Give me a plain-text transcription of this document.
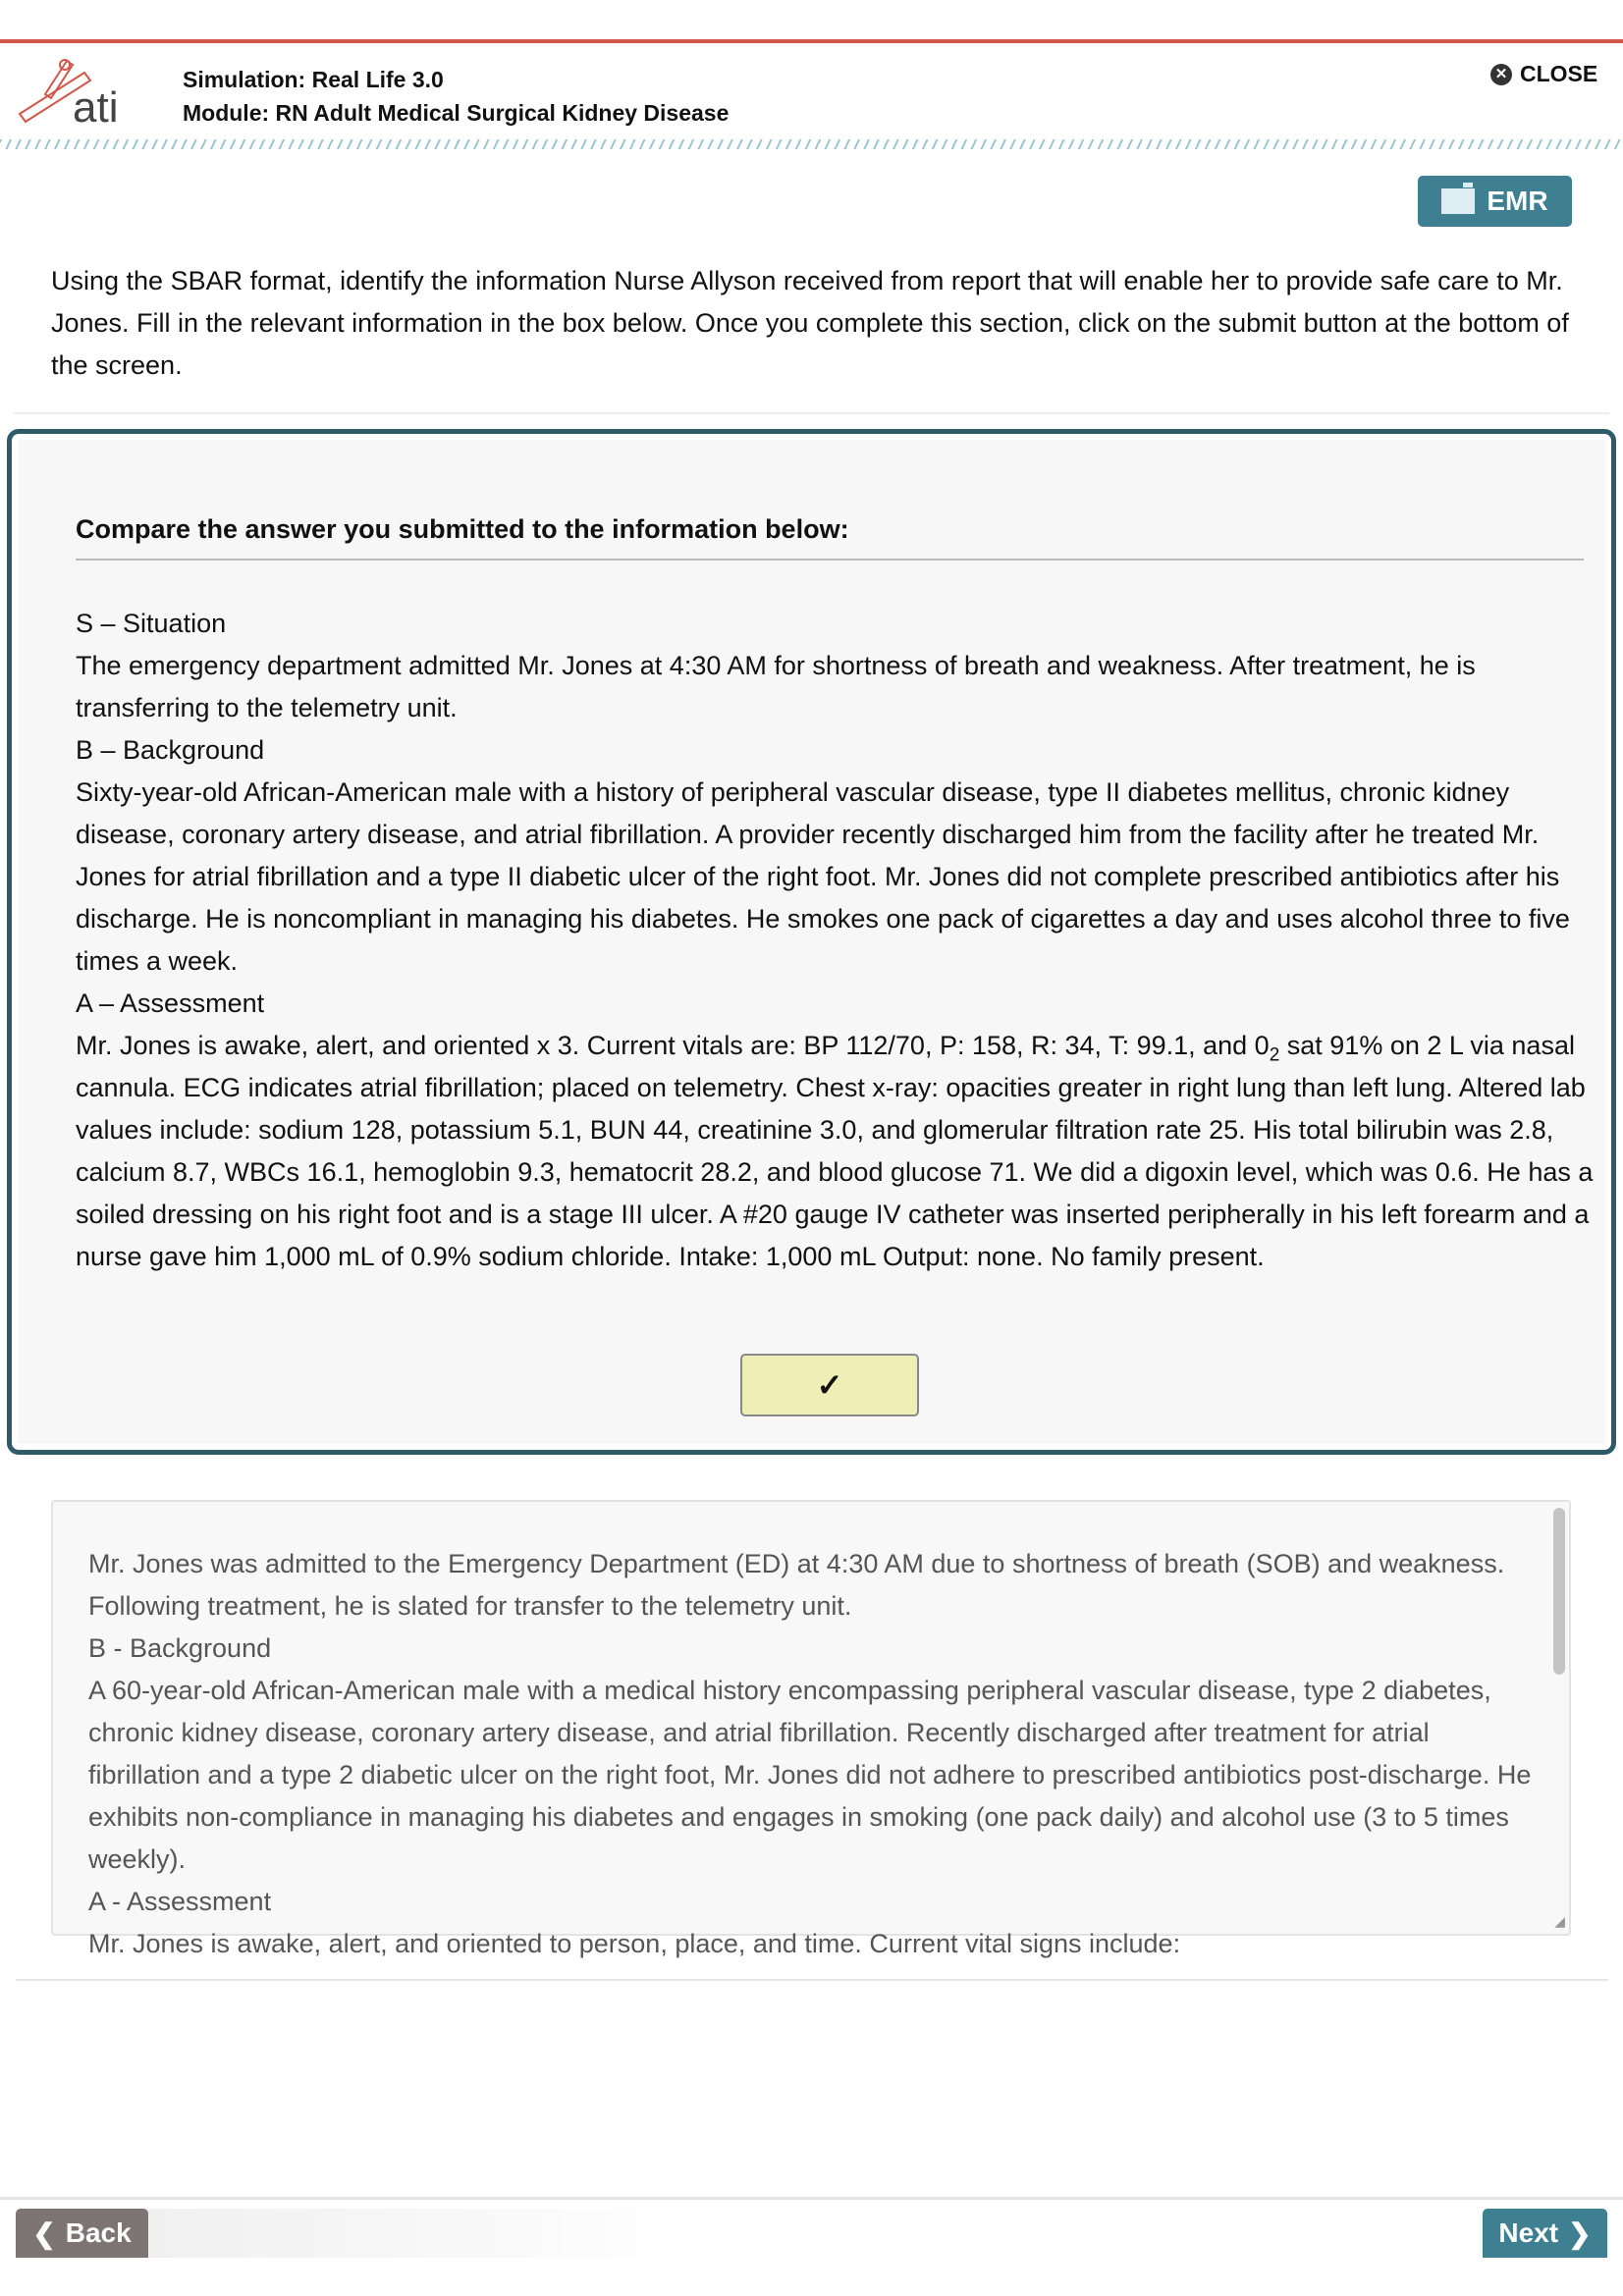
ati
Simulation: Real Life 3.0
Module: RN Adult Medical Surgical Kidney Disease
✕ CLOSE
EMR
Using the SBAR format, identify the information Nurse Allyson received from report that will enable her to provide safe care to Mr. Jones. Fill in the relevant information in the box below. Once you complete this section, click on the submit button at the bottom of the screen.
Compare the answer you submitted to the information below:
S – Situation
The emergency department admitted Mr. Jones at 4:30 AM for shortness of breath and weakness. After treatment, he is transferring to the telemetry unit.
B – Background
Sixty-year-old African-American male with a history of peripheral vascular disease, type II diabetes mellitus, chronic kidney disease, coronary artery disease, and atrial fibrillation. A provider recently discharged him from the facility after he treated Mr. Jones for atrial fibrillation and a type II diabetic ulcer of the right foot. Mr. Jones did not complete prescribed antibiotics after his discharge. He is noncompliant in managing his diabetes. He smokes one pack of cigarettes a day and uses alcohol three to five times a week.
A – Assessment
Mr. Jones is awake, alert, and oriented x 3. Current vitals are: BP 112/70, P: 158, R: 34, T: 99.1, and $0_2$ sat 91% on 2 L via nasal cannula. ECG indicates atrial fibrillation; placed on telemetry. Chest x-ray: opacities greater in right lung than left lung. Altered lab values include: sodium 128, potassium 5.1, BUN 44, creatinine 3.0, and glomerular filtration rate 25. His total bilirubin was 2.8, calcium 8.7, WBCs 16.1, hemoglobin 9.3, hematocrit 28.2, and blood glucose 71. We did a digoxin level, which was 0.6. He has a soiled dressing on his right foot and is a stage III ulcer. A #20 gauge IV catheter was inserted peripherally in his left forearm and a nurse gave him 1,000 mL of 0.9% sodium chloride. Intake: 1,000 mL Output: none. No family present.
✓
Mr. Jones was admitted to the Emergency Department (ED) at 4:30 AM due to shortness of breath (SOB) and weakness. Following treatment, he is slated for transfer to the telemetry unit.
B - Background
A 60-year-old African-American male with a medical history encompassing peripheral vascular disease, type 2 diabetes, chronic kidney disease, coronary artery disease, and atrial fibrillation. Recently discharged after treatment for atrial fibrillation and a type 2 diabetic ulcer on the right foot, Mr. Jones did not adhere to prescribed antibiotics post-discharge. He exhibits non-compliance in managing his diabetes and engages in smoking (one pack daily) and alcohol use (3 to 5 times weekly).
A - Assessment
Mr. Jones is awake, alert, and oriented to person, place, and time. Current vital signs include:
◢
❮ Back	Next ❯
